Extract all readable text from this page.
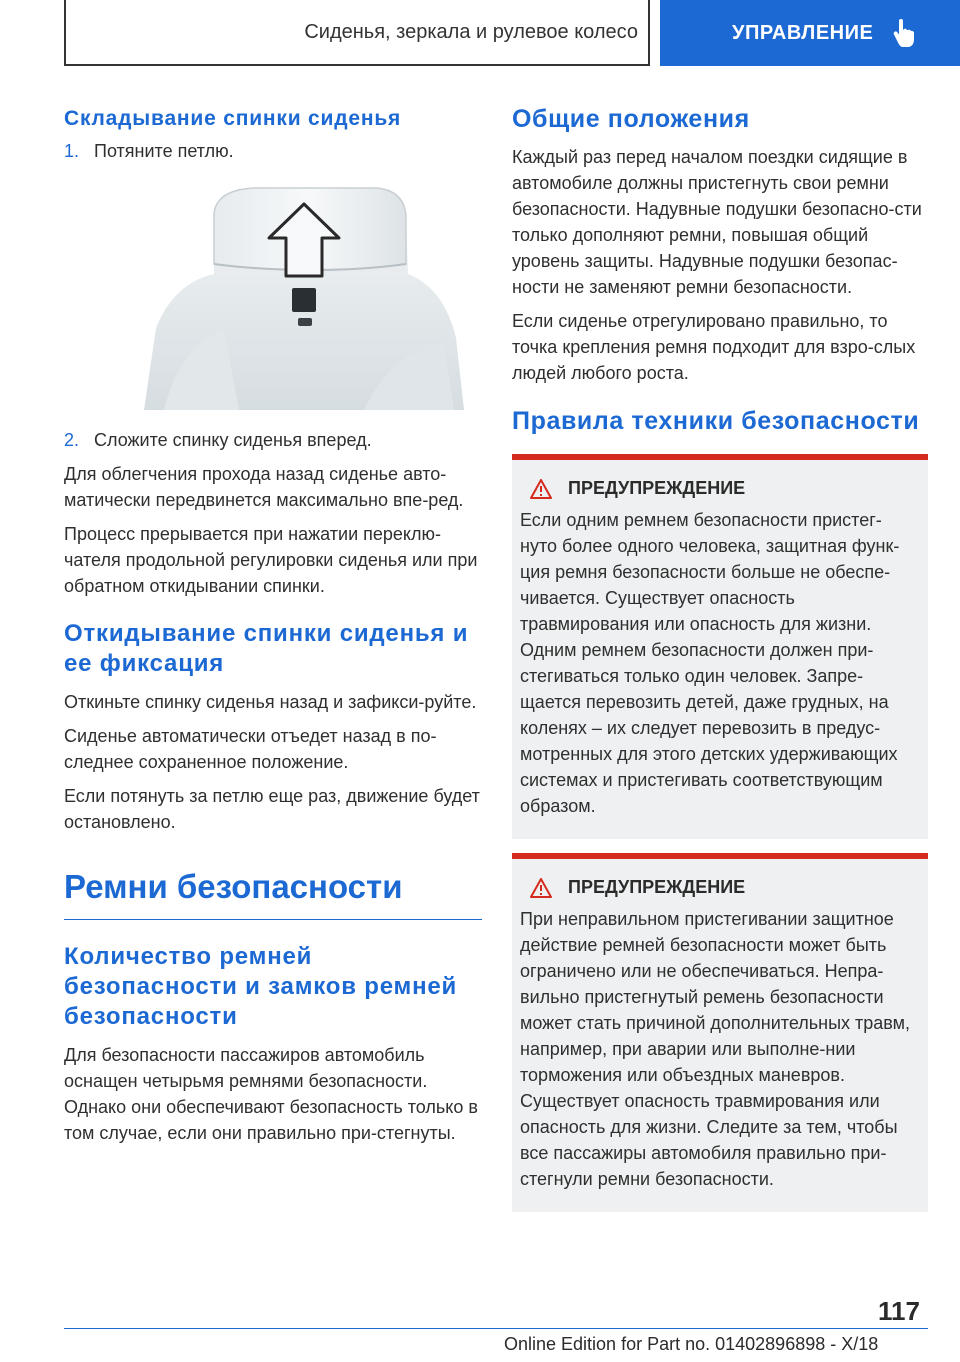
Сиденья, зеркала и рулевое колесо	УПРАВЛЕНИЕ
Складывание спинки сиденья
1. Потяните петлю.
2. Сложите спинку сиденья вперед.

Для облегчения прохода назад сиденье авто-матически передвинется максимально впе-ред.

Процесс прерывается при нажатии переклю-чателя продольной регулировки сиденья или при обратном откидывании спинки.

Откидывание спинки сиденья и ее фиксация

Откиньте спинку сиденья назад и зафикси-руйте.

Сиденье автоматически отъедет назад в по-следнее сохраненное положение.

Если потянуть за петлю еще раз, движение будет остановлено.

Ремни безопасности
Количество ремней безопасности и замков ремней безопасности

Для безопасности пассажиров автомобиль оснащен четырьмя ремнями безопасности. Однако они обеспечивают безопасность только в том случае, если они правильно при-стегнуты.

Общие положения

Каждый раз перед началом поездки сидящие в автомобиле должны пристегнуть свои ремни безопасности. Надувные подушки безопасно-сти только дополняют ремни, повышая общий уровень защиты. Надувные подушки безопас-ности не заменяют ремни безопасности.

Если сиденье отрегулировано правильно, то точка крепления ремня подходит для взро-слых людей любого роста.

Правила техники безопасности
ПРЕДУПРЕЖДЕНИЕ

Если одним ремнем безопасности пристег-нуто более одного человека, защитная функ-ция ремня безопасности больше не обеспе-чивается. Существует опасность травмирования или опасность для жизни. Одним ремнем безопасности должен при-стегиваться только один человек. Запре-щается перевозить детей, даже грудных, на коленях – их следует перевозить в предус-мотренных для этого детских удерживающих системах и пристегивать соответствующим образом.

ПРЕДУПРЕЖДЕНИЕ

При неправильном пристегивании защитное действие ремней безопасности может быть ограничено или не обеспечиваться. Непра-вильно пристегнутый ремень безопасности может стать причиной дополнительных травм, например, при аварии или выполне-нии торможения или объездных маневров. Существует опасность травмирования или опасность для жизни. Следите за тем, чтобы все пассажиры автомобиля правильно при-стегнули ремни безопасности.

117
Online Edition for Part no. 01402896898 - X/18
